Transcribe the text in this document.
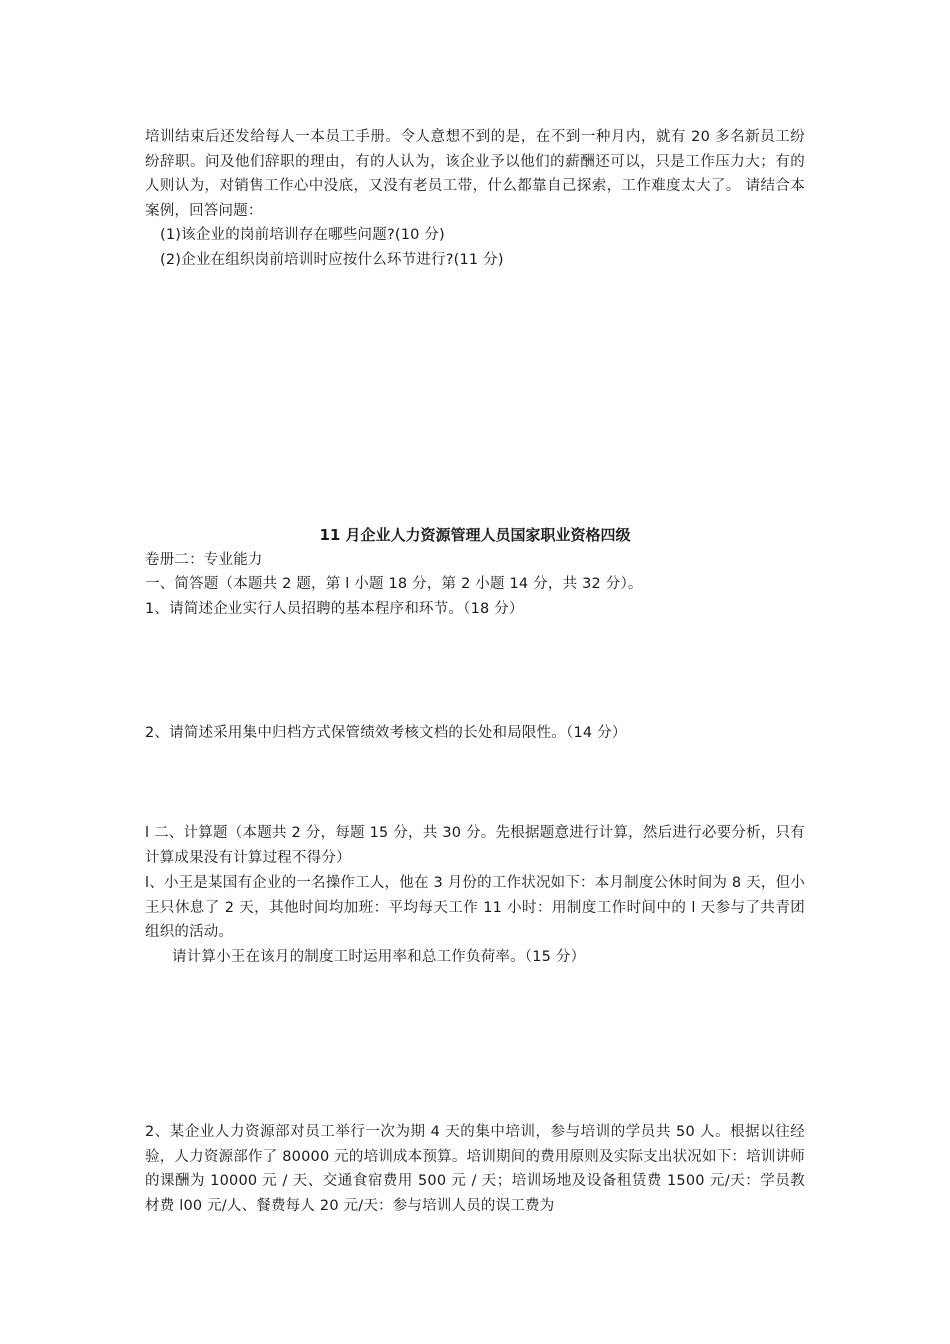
培训结束后还发给每人一本员工手册。令人意想不到的是，在不到一种月内，就有 20 多名新员工纷纷辞职。问及他们辞职的理由，有的人认为，该企业予以他们的薪酬还可以，只是工作压力大；有的人则认为，对销售工作心中没底，又没有老员工带，什么都靠自己探索，工作难度太大了。 请结合本案例，回答问题：
(1)该企业的岗前培训存在哪些问题?(10 分)
(2)企业在组织岗前培训时应按什么环节进行?(11 分)
11 月企业人力资源管理人员国家职业资格四级
卷册二：专业能力
一、简答题（本题共 2 题，第 l 小题 18 分，第 2 小题 14 分，共 32 分）。
1、请简述企业实行人员招聘的基本程序和环节。（18 分）
2、请简述采用集中归档方式保管绩效考核文档的长处和局限性。（14 分）
l 二、计算题（本题共 2 分，每题 15 分，共 30 分。先根据题意进行计算，然后进行必要分析，只有计算成果没有计算过程不得分）
l、小王是某国有企业的一名操作工人，他在 3 月份的工作状况如下：本月制度公休时间为 8 天，但小王只休息了 2 天，其他时间均加班：平均每天工作 11 小时：用制度工作时间中的 l 天参与了共青团组织的活动。
请计算小王在该月的制度工时运用率和总工作负荷率。（15 分）
2、某企业人力资源部对员工举行一次为期 4 天的集中培训，参与培训的学员共 50 人。根据以往经验，人力资源部作了 80000 元的培训成本预算。培训期间的费用原则及实际支出状况如下：培训讲师的课酬为 10000 元 / 天、交通食宿费用 500 元 / 天；培训场地及设备租赁费 1500 元/天：学员教材费 l00 元/人、餐费每人 20 元/天：参与培训人员的误工费为
